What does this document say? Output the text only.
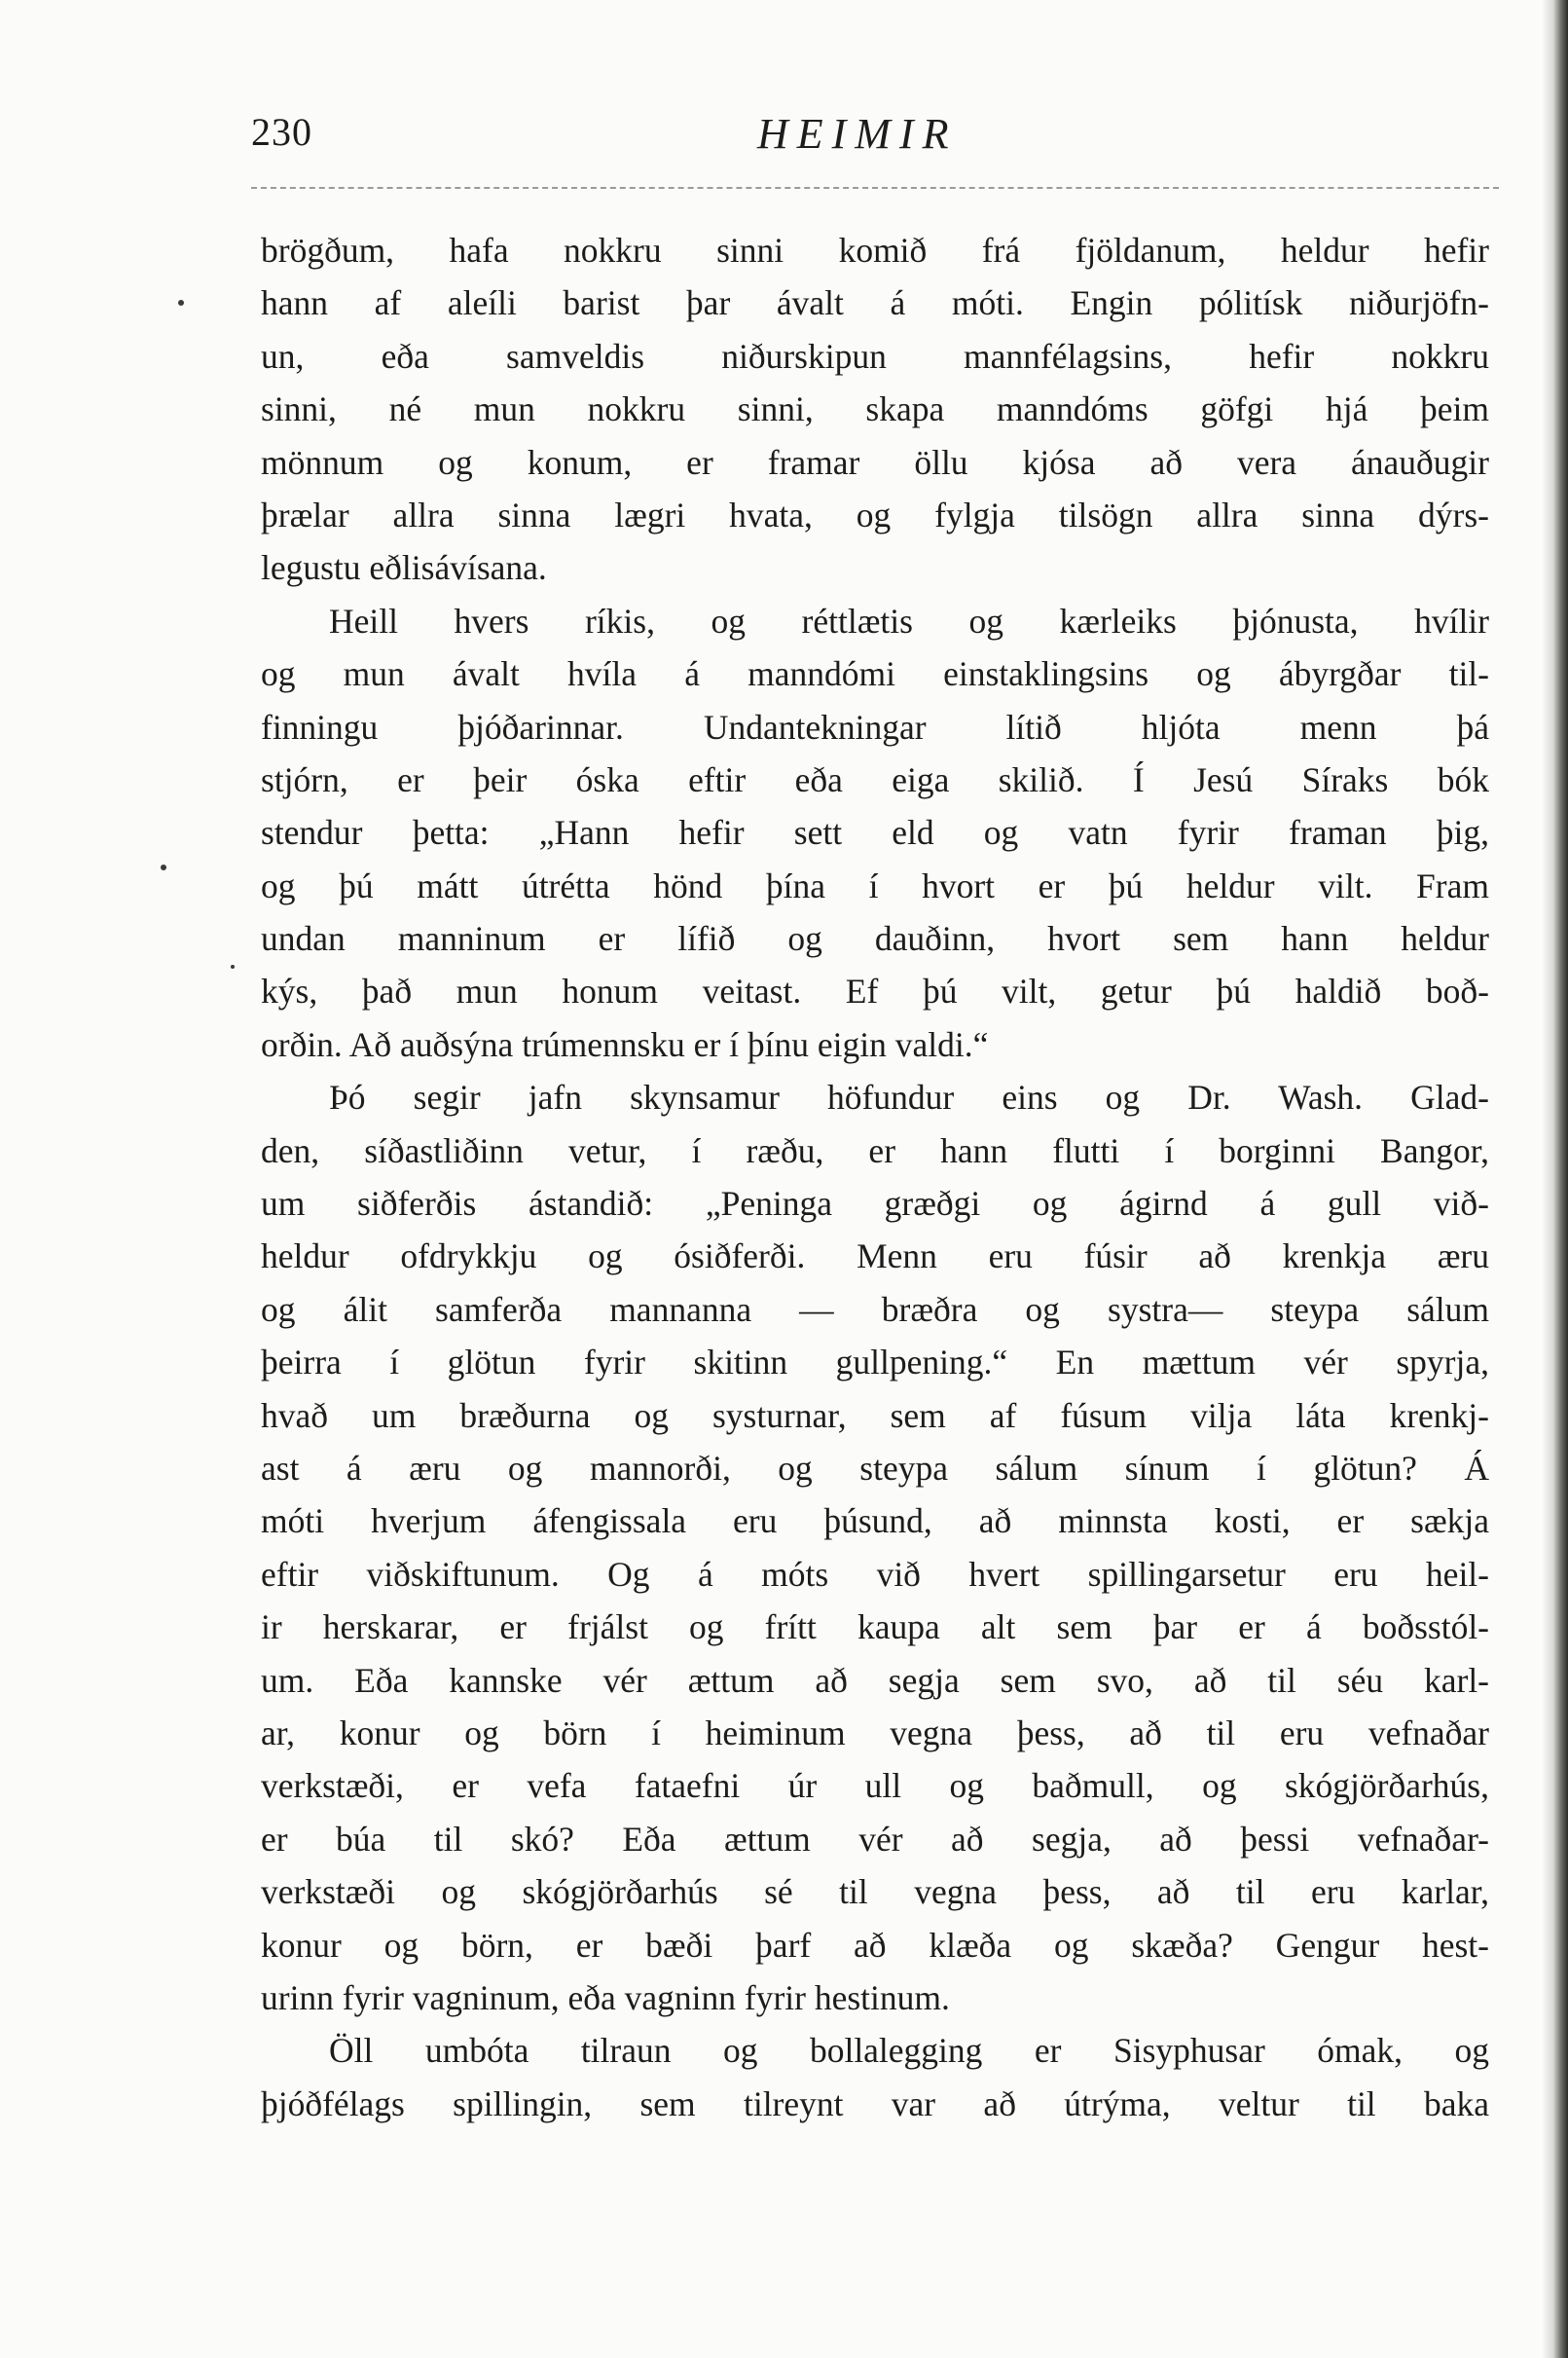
230	HEIMIR
brögðum, hafa nokkru sinni komið frá fjöldanum, heldur hefir
hann af aleíli barist þar ávalt á móti. Engin pólitísk niðurjöfn-
un, eða samveldis niðurskipun mannfélagsins, hefir nokkru
sinni, né mun nokkru sinni, skapa manndóms göfgi hjá þeim
mönnum og konum, er framar öllu kjósa að vera ánauðugir
þrælar allra sinna lægri hvata, og fylgja tilsögn allra sinna dýrs-
legustu eðlisávísana.
Heill hvers ríkis, og réttlætis og kærleiks þjónusta, hvílir
og mun ávalt hvíla á manndómi einstaklingsins og ábyrgðar til-
finningu þjóðarinnar. Undantekningar lítið hljóta menn þá
stjórn, er þeir óska eftir eða eiga skilið. Í Jesú Síraks bók
stendur þetta: „Hann hefir sett eld og vatn fyrir framan þig,
og þú mátt útrétta hönd þína í hvort er þú heldur vilt. Fram
undan manninum er lífið og dauðinn, hvort sem hann heldur
kýs, það mun honum veitast. Ef þú vilt, getur þú haldið boð-
orðin. Að auðsýna trúmennsku er í þínu eigin valdi.“
Þó segir jafn skynsamur höfundur eins og Dr. Wash. Glad-
den, síðastliðinn vetur, í ræðu, er hann flutti í borginni Bangor,
um siðferðis ástandið: „Peninga græðgi og ágirnd á gull við-
heldur ofdrykkju og ósiðferði. Menn eru fúsir að krenkja æru
og álit samferða mannanna — bræðra og systra— steypa sálum
þeirra í glötun fyrir skitinn gullpening.“ En mættum vér spyrja,
hvað um bræðurna og systurnar, sem af fúsum vilja láta krenkj-
ast á æru og mannorði, og steypa sálum sínum í glötun? Á
móti hverjum áfengissala eru þúsund, að minnsta kosti, er sækja
eftir viðskiftunum. Og á móts við hvert spillingarsetur eru heil-
ir herskarar, er frjálst og frítt kaupa alt sem þar er á boðsstól-
um. Eða kannske vér ættum að segja sem svo, að til séu karl-
ar, konur og börn í heiminum vegna þess, að til eru vefnaðar
verkstæði, er vefa fataefni úr ull og baðmull, og skógjörðarhús,
er búa til skó? Eða ættum vér að segja, að þessi vefnaðar-
verkstæði og skógjörðarhús sé til vegna þess, að til eru karlar,
konur og börn, er bæði þarf að klæða og skæða? Gengur hest-
urinn fyrir vagninum, eða vagninn fyrir hestinum.
Öll umbóta tilraun og bollalegging er Sisyphusar ómak, og
þjóðfélags spillingin, sem tilreynt var að útrýma, veltur til baka
